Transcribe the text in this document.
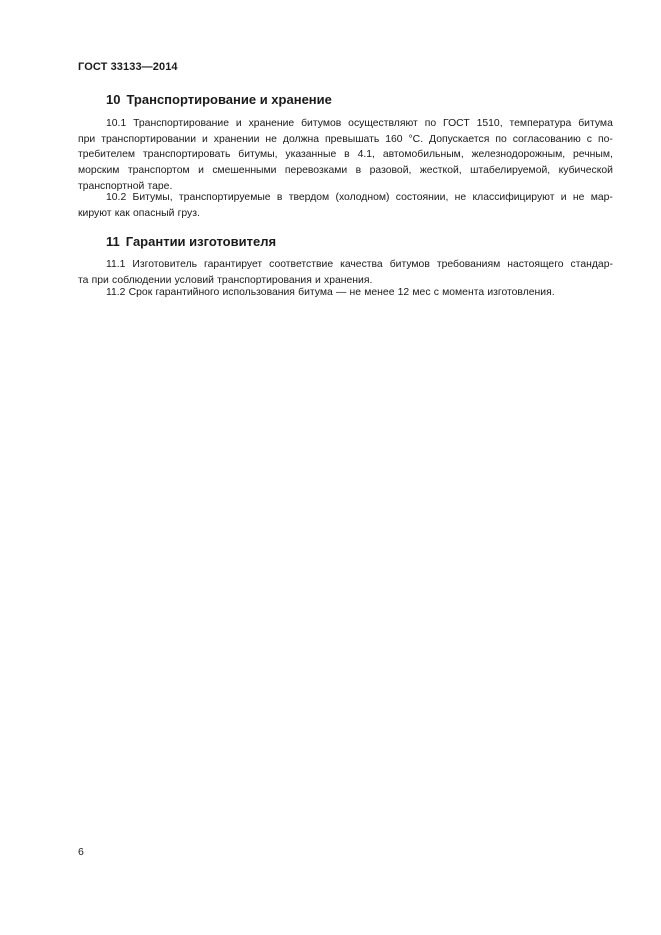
ГОСТ 33133—2014

10 Транспортирование и хранение
10.1 Транспортирование и хранение битумов осуществляют по ГОСТ 1510, температура битума
при транспортировании и хранении не должна превышать 160 °С. Допускается по согласованию с по-
требителем транспортировать битумы, указанные в 4.1, автомобильным, железнодорожным, речным,
морским транспортом и смешенными перевозками в разовой, жесткой, штабелируемой, кубической
транспортной таре.
10.2 Битумы, транспортируемые в твердом (холодном) состоянии, не классифицируют и не мар-
кируют как опасный груз.
11 Гарантии изготовителя
11.1 Изготовитель гарантирует соответствие качества битумов требованиям настоящего стандар-
та при соблюдении условий транспортирования и хранения.
11.2 Срок гарантийного использования битума — не менее 12 мес с момента изготовления.

6
